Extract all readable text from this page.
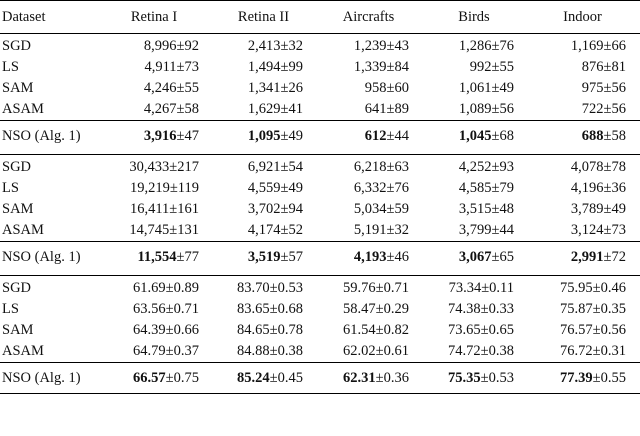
Dataset	Retina I	Retina II	Aircrafts	Birds	Indoor
SGD	8,996±92	2,413±32	1,239±43	1,286±76	1,169±66
LS	4,911±73	1,494±99	1,339±84	992±55	876±81
SAM	4,246±55	1,341±26	958±60	1,061±49	975±56
ASAM	4,267±58	1,629±41	641±89	1,089±56	722±56
NSO (Alg. 1)	3,916±47	1,095±49	612±44	1,045±68	688±58

SGD	30,433±217	6,921±54	6,218±63	4,252±93	4,078±78
LS	19,219±119	4,559±49	6,332±76	4,585±79	4,196±36
SAM	16,411±161	3,702±94	5,034±59	3,515±48	3,789±49
ASAM	14,745±131	4,174±52	5,191±32	3,799±44	3,124±73
NSO (Alg. 1)	11,554±77	3,519±57	4,193±46	3,067±65	2,991±72

SGD	61.69±0.89	83.70±0.53	59.76±0.71	73.34±0.11	75.95±0.46
LS	63.56±0.71	83.65±0.68	58.47±0.29	74.38±0.33	75.87±0.35
SAM	64.39±0.66	84.65±0.78	61.54±0.82	73.65±0.65	76.57±0.56
ASAM	64.79±0.37	84.88±0.38	62.02±0.61	74.72±0.38	76.72±0.31
NSO (Alg. 1)	66.57±0.75	85.24±0.45	62.31±0.36	75.35±0.53	77.39±0.55
